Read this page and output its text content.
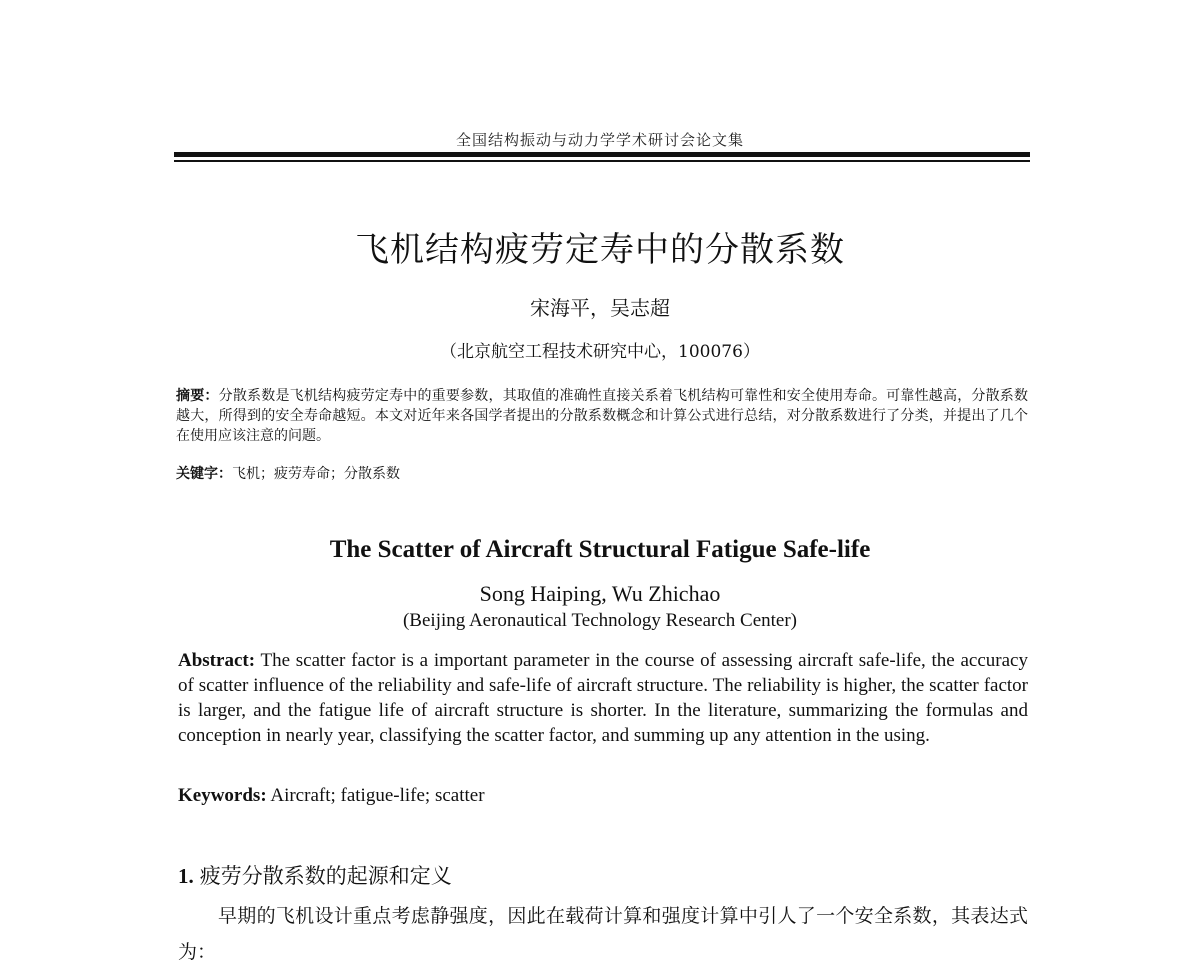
全国结构振动与动力学学术研讨会论文集
飞机结构疲劳定寿中的分散系数
宋海平，吴志超
（北京航空工程技术研究中心，100076）
摘要：分散系数是飞机结构疲劳定寿中的重要参数，其取值的准确性直接关系着飞机结构可靠性和安全使用寿命。可靠性越高，分散系数越大，所得到的安全寿命越短。本文对近年来各国学者提出的分散系数概念和计算公式进行总结，对分散系数进行了分类，并提出了几个在使用应该注意的问题。
关键字：飞机；疲劳寿命；分散系数
The Scatter of Aircraft Structural Fatigue Safe-life
Song Haiping, Wu Zhichao
(Beijing Aeronautical Technology Research Center)
Abstract: The scatter factor is a important parameter in the course of assessing aircraft safe-life, the accuracy of scatter influence of the reliability and safe-life of aircraft structure. The reliability is higher, the scatter factor is larger, and the fatigue life of aircraft structure is shorter. In the literature, summarizing the formulas and conception in nearly year, classifying the scatter factor, and summing up any attention in the using.
Keywords: Aircraft; fatigue-life; scatter
1. 疲劳分散系数的起源和定义
早期的飞机设计重点考虑静强度，因此在载荷计算和强度计算中引人了一个安全系数，其表达式为：
